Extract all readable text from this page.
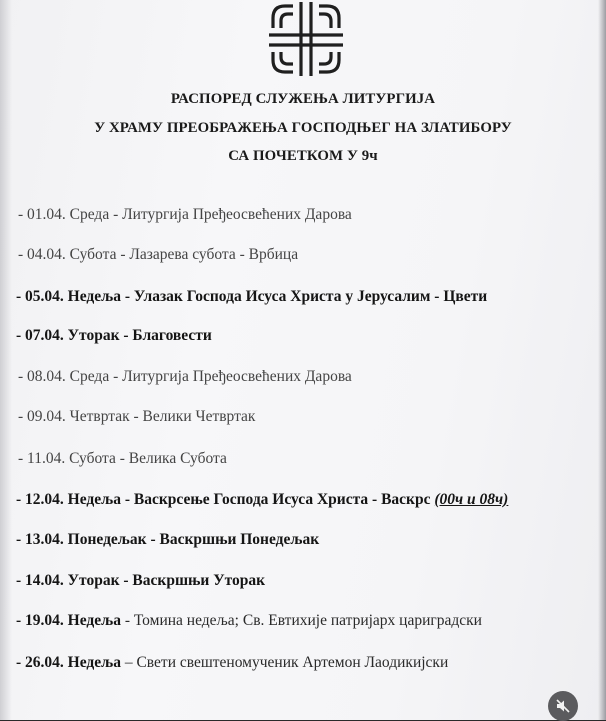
РАСПОРЕД СЛУЖЕЊА ЛИТУРГИЈА
У ХРАМУ ПРЕОБРАЖЕЊА ГОСПОДЊЕГ НА ЗЛАТИБОРУ
СА ПОЧЕТКОМ У 9ч
- 01.04. Среда - Литургија Пређеосвећених Дарова
- 04.04. Субота - Лазарева субота - Врбица
- 05.04. Недеља - Улазак Господа Исуса Христа у Јерусалим - Цвети
- 07.04. Уторак - Благовести
- 08.04. Среда - Литургија Пређеосвећених Дарова
- 09.04. Четвртак - Велики Четвртак
- 11.04. Субота - Велика Субота
- 12.04. Недеља - Васкрсење Господа Исуса Христа - Васкрс (00ч и 08ч)
- 13.04. Понедељак - Васкршњи Понедељак
- 14.04. Уторак - Васкршњи Уторак
- 19.04. Недеља - Томина недеља; Св. Евтихије патријарх цариградски
- 26.04. Недеља – Свети свештеномученик Артемон Лаодикијски
